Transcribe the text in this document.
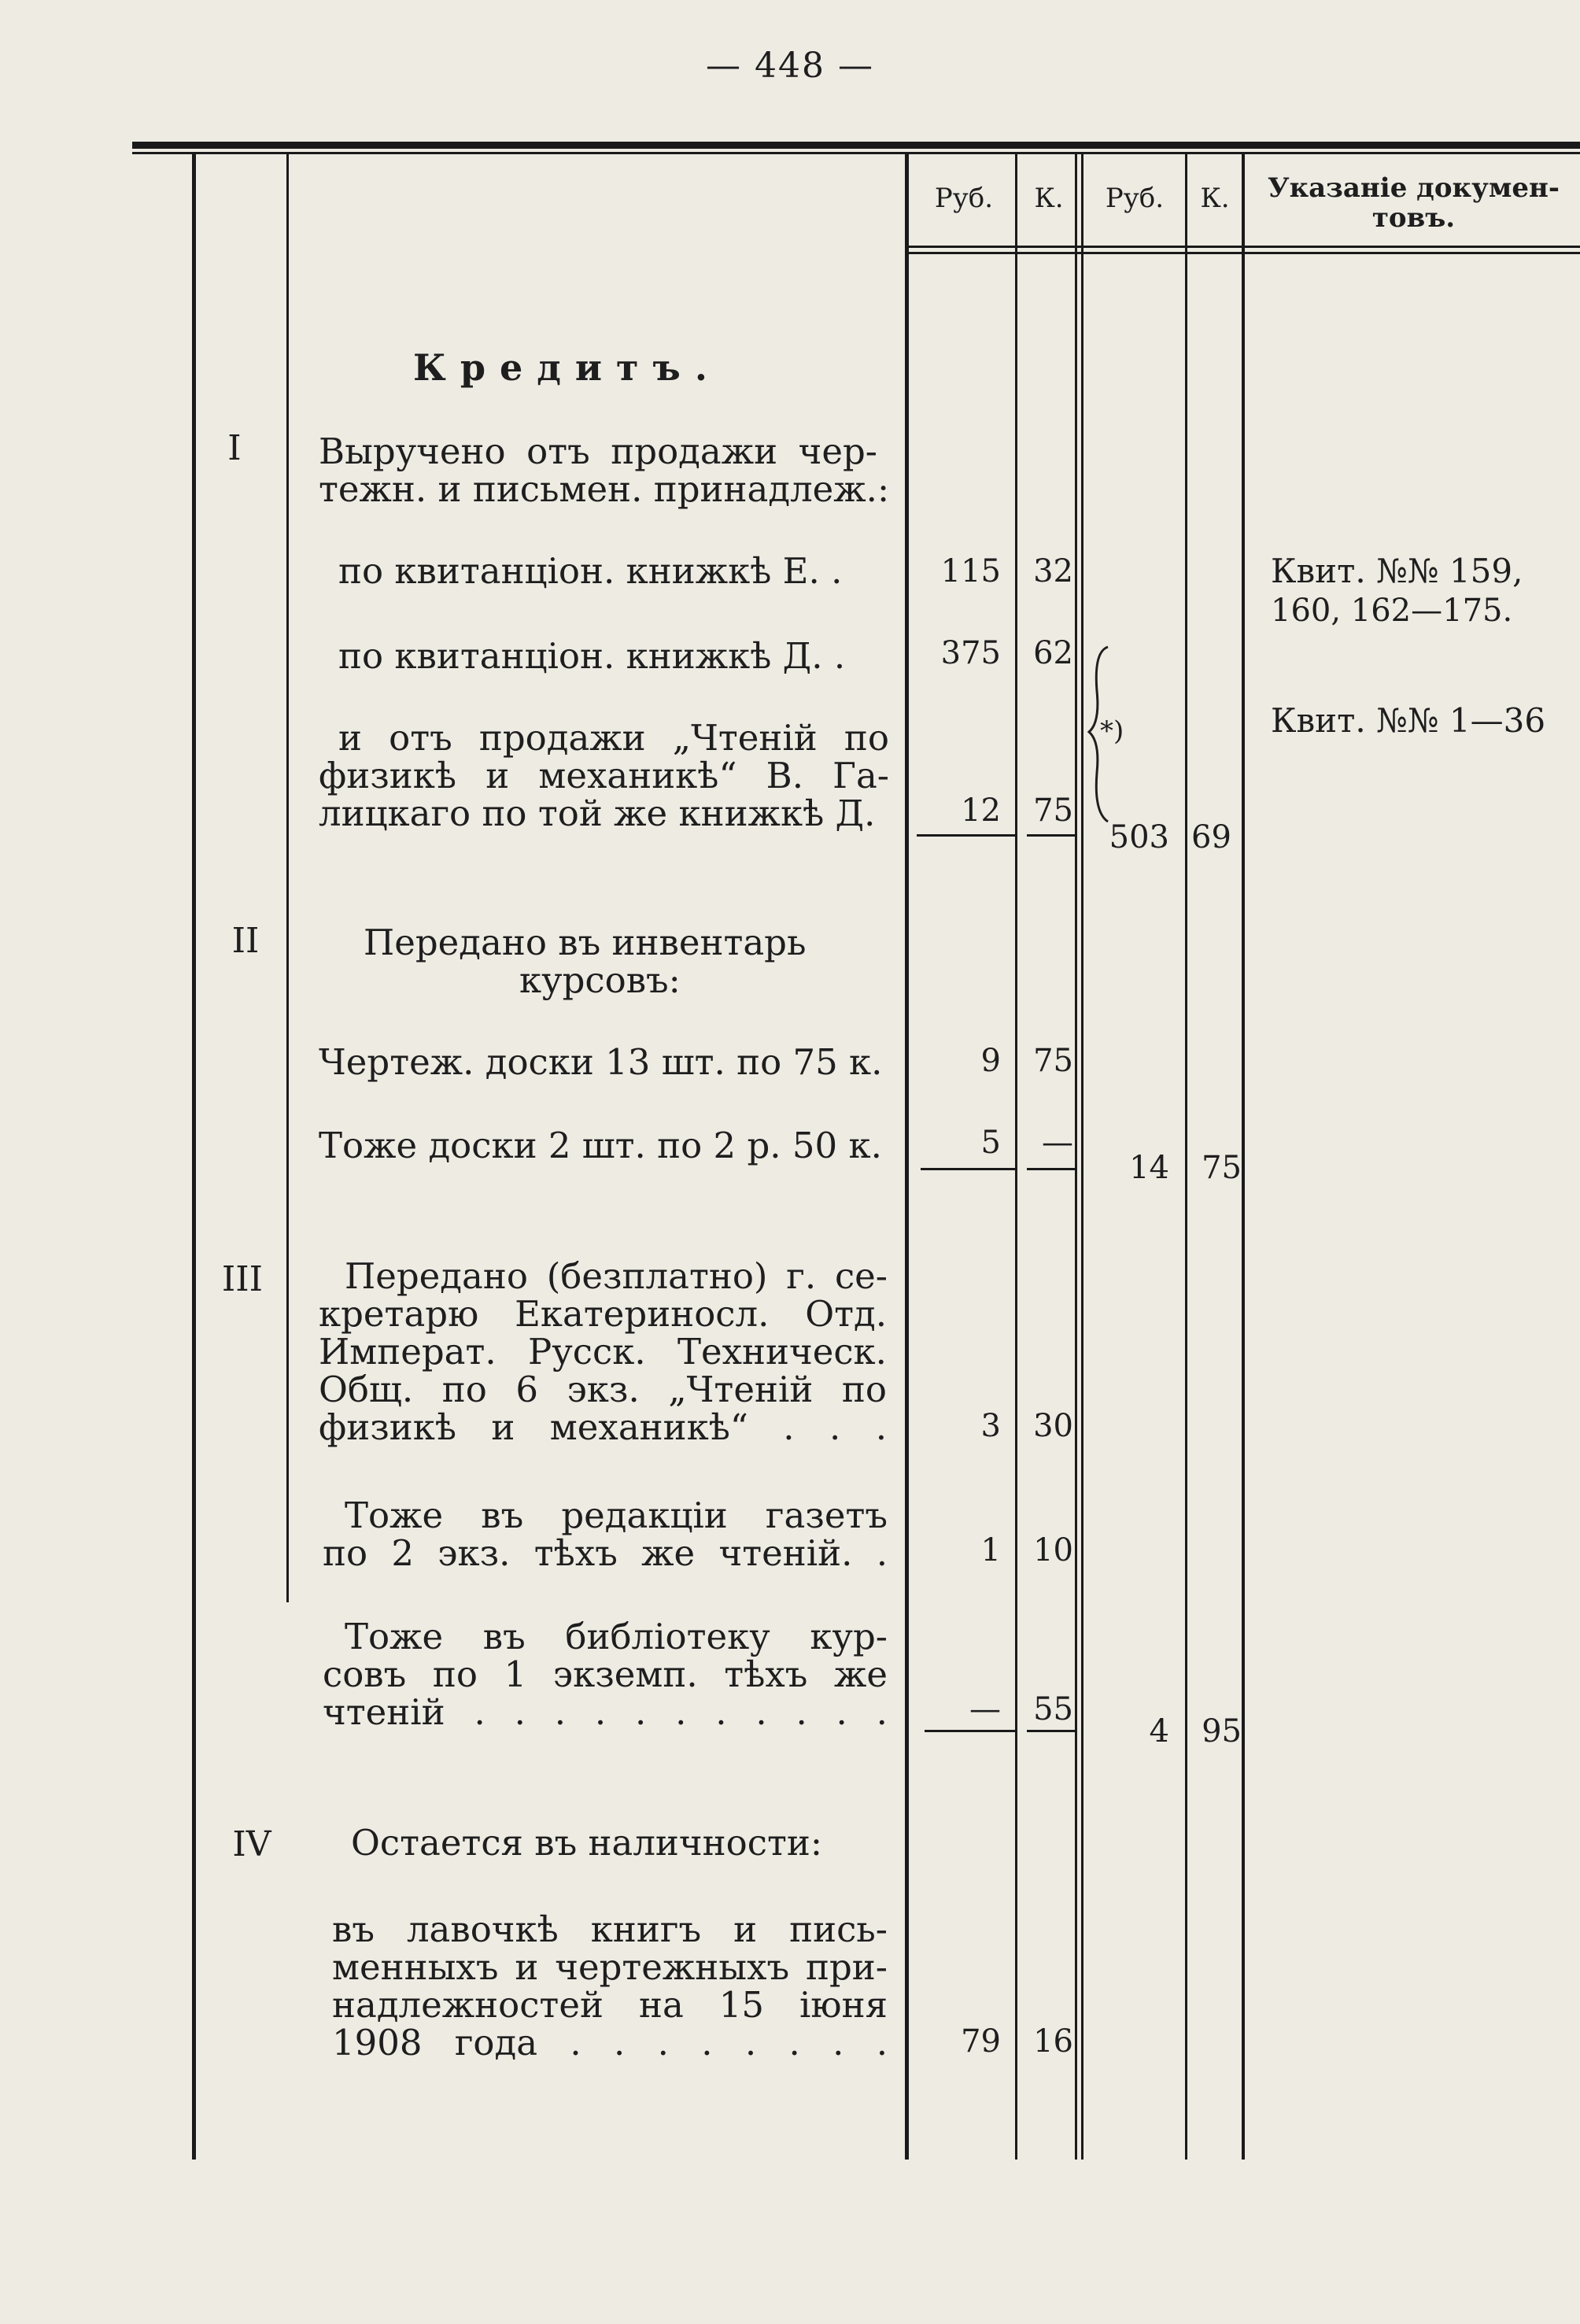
— 448 —
Руб.	К.	Руб.	К.	Указаніе докумен-
товъ.
Кредитъ.
I	Выручено отъ продажи чер-
тежн. и письмен. принадлеж.:
по квитанціон. книжкѣ Е. .	115	32	Квит. №№ 159,
160, 162—175.
по квитанціон. книжкѣ Д. .	375	62
Квит. №№ 1—36
и отъ продажи „Чтеній по
физикѣ и механикѣ“ В. Га-
лицкаго по той же книжкѣ Д.	12	75
*)
503 69
II	Передано въ инвентарь
курсовъ:
Чертеж. доски 13 шт. по 75 к.	9	75
Тоже доски 2 шт. по 2 р. 50 к.	5	—
14	75
III	Передано (безплатно) г. се-
кретарю Екатериносл. Отд.
Императ. Русск. Техническ.
Общ. по 6 экз. „Чтеній по
физикѣ и механикѣ“ . . .	3	30
Тоже въ редакціи газетъ
по 2 экз. тѣхъ же чтеній. .	1	10
Тоже въ библіотеку кур-
совъ по 1 экземп. тѣхъ же
чтеній . . . . . . . . . . .	—	55
4	95
IV	Остается въ наличности:
въ лавочкѣ книгъ и пись-
менныхъ и чертежныхъ при-
надлежностей на 15 іюня
1908 года . . . . . . . .	79	16
